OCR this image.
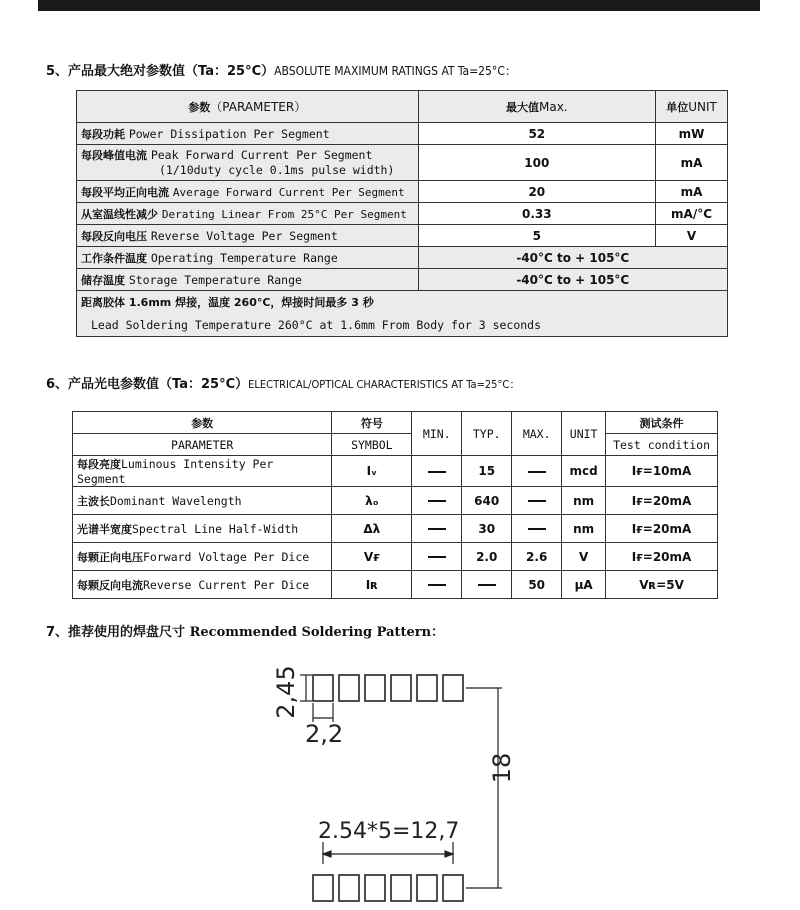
5、产品最大绝对参数值（Ta：25°C）ABSOLUTE MAXIMUM RATINGS AT Ta=25°C：
参数（PARAMETER）	最大值Max.	单位UNIT
每段功耗 Power Dissipation Per Segment	52	mW
每段峰值电流 Peak Forward Current Per Segment
(1/10duty cycle 0.1ms pulse width)	100	mA
每段平均正向电流 Average Forward Current Per Segment	20	mA
从室温线性减少 Derating Linear From 25°C Per Segment	0.33	mA/°C
每段反向电压 Reverse Voltage Per Segment	5	V
工作条件温度 Operating Temperature Range	-40°C to + 105°C	
储存温度 Storage Temperature Range	-40°C to + 105°C	
距离胶体 1.6mm 焊接，温度 260°C，焊接时间最多 3 秒
Lead Soldering Temperature 260°C at 1.6mm From Body for 3 seconds		
6、产品光电参数值（Ta：25°C）ELECTRICAL/OPTICAL CHARACTERISTICS AT Ta=25°C：
参数	符号	MIN.	TYP.	MAX.	UNIT	测试条件
PARAMETER	SYMBOL					Test condition
每段亮度Luminous Intensity Per Segment	Iᵥ		15		mcd	Iғ=10mA
主波长Dominant Wavelength	λₒ		640		nm	Iғ=20mA
光谱半宽度Spectral Line Half-Width	Δλ		30		nm	Iғ=20mA
每颗正向电压Forward Voltage Per Dice	Vғ		2.0	2.6	V	Iғ=20mA
每颗反向电流Reverse Current Per Dice	Iʀ			50	μA	Vʀ=5V
7、推荐使用的焊盘尺寸 Recommended Soldering Pattern：
2,45
2,2
2.54*5=12,7
18
